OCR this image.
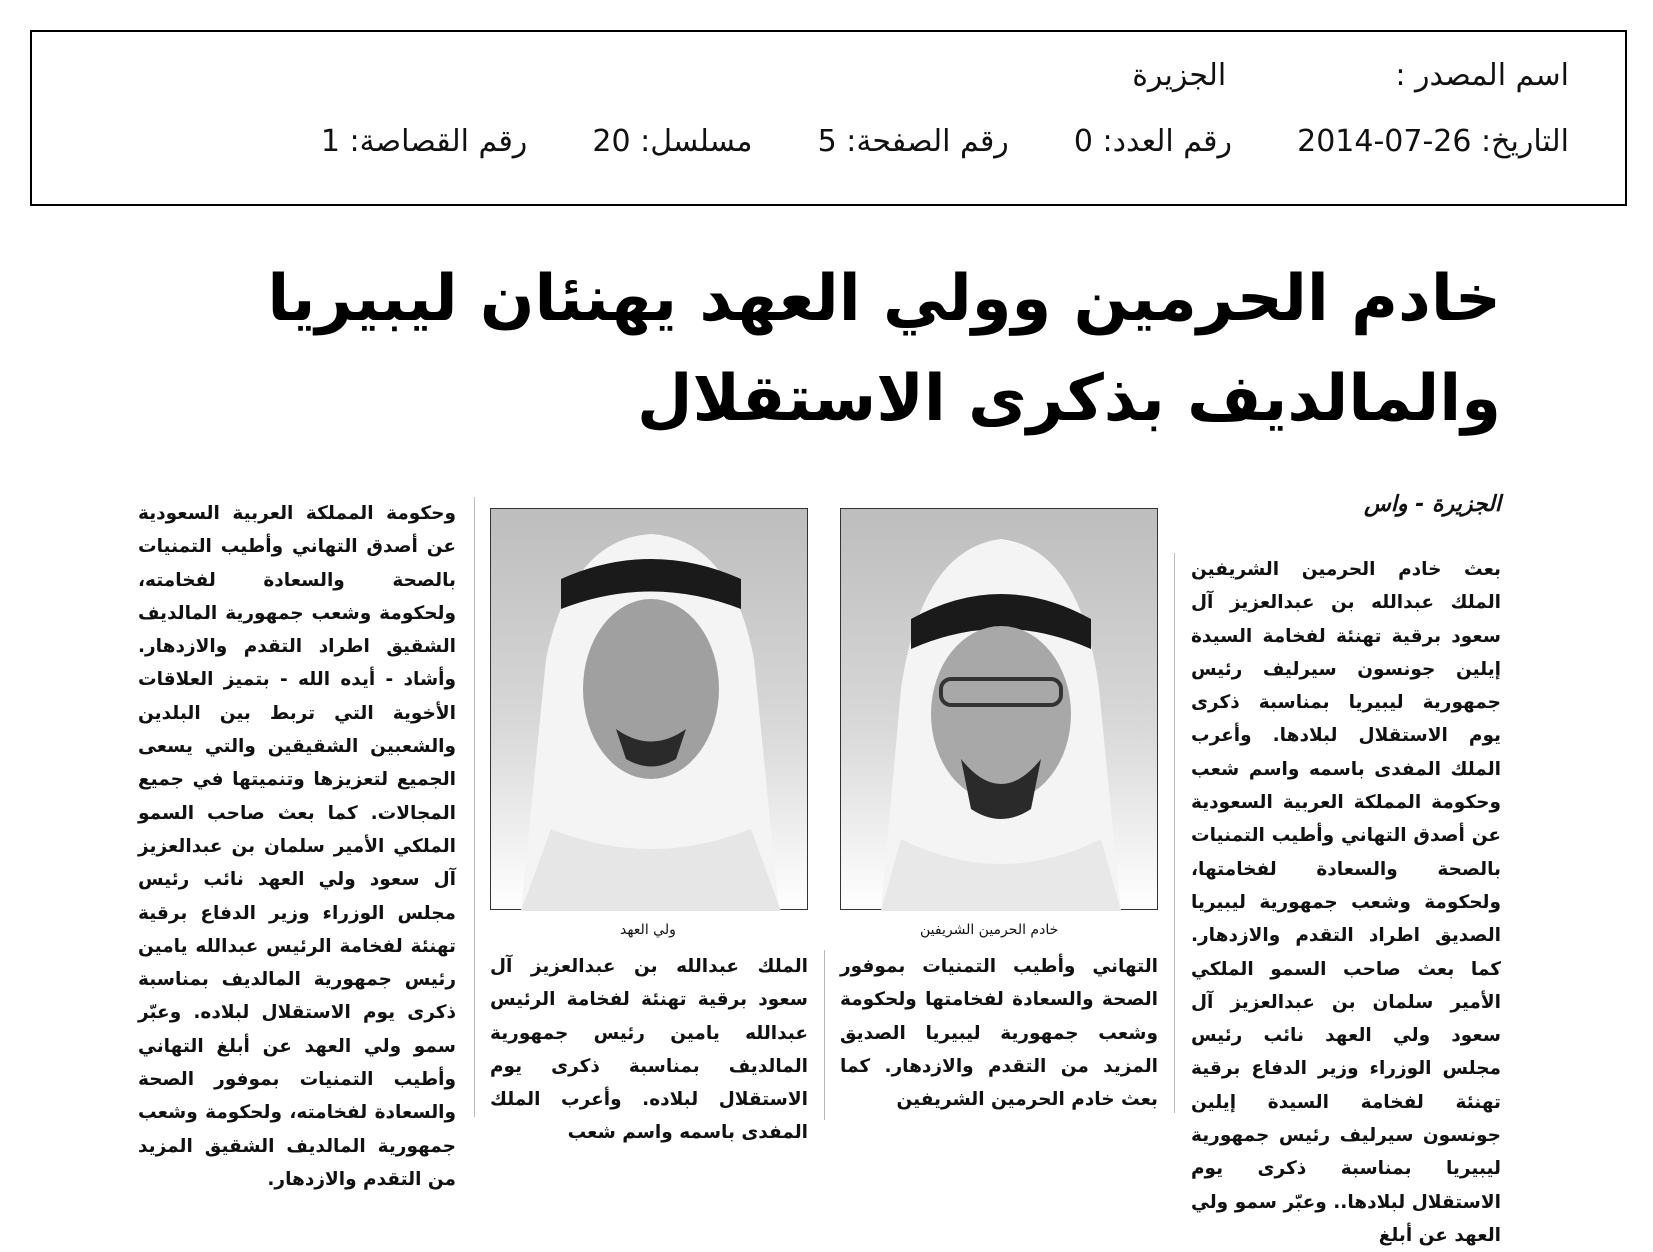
اسم المصدر :  الجزيرة
التاريخ: 2014-07-26  رقم العدد: 0  رقم الصفحة: 5  مسلسل: 20  رقم القصاصة: 1
خادم الحرمين وولي العهد يهنئان ليبيريا
والمالديف بذكرى الاستقلال
الجزيرة - واس
بعث خادم الحرمين الشريفين الملك عبدالله بن عبدالعزيز آل سعود برقية تهنئة لفخامة السيدة إيلين جونسون سيرليف رئيس جمهورية ليبيريا بمناسبة ذكرى يوم الاستقلال لبلادها. وأعرب الملك المفدى باسمه واسم شعب وحكومة المملكة العربية السعودية عن أصدق التهاني وأطيب التمنيات بالصحة والسعادة لفخامتها، ولحكومة وشعب جمهورية ليبيريا الصديق اطراد التقدم والازدهار. كما بعث صاحب السمو الملكي الأمير سلمان بن عبدالعزيز آل سعود ولي العهد نائب رئيس مجلس الوزراء وزير الدفاع برقية تهنئة لفخامة السيدة إيلين جونسون سيرليف رئيس جمهورية ليبيريا بمناسبة ذكرى يوم الاستقلال لبلادها.. وعبّر سمو ولي العهد عن أبلغ
خادم الحرمين الشريفين
ولي العهد
التهاني وأطيب التمنيات بموفور الصحة والسعادة لفخامتها ولحكومة وشعب جمهورية ليبيريا الصديق المزيد من التقدم والازدهار. كما بعث خادم الحرمين الشريفين
الملك عبدالله بن عبدالعزيز آل سعود برقية تهنئة لفخامة الرئيس عبدالله يامين رئيس جمهورية المالديف بمناسبة ذكرى يوم الاستقلال لبلاده. وأعرب الملك المفدى باسمه واسم شعب
وحكومة المملكة العربية السعودية عن أصدق التهاني وأطيب التمنيات بالصحة والسعادة لفخامته، ولحكومة وشعب جمهورية المالديف الشقيق اطراد التقدم والازدهار. وأشاد - أيده الله - بتميز العلاقات الأخوية التي تربط بين البلدين والشعبين الشقيقين والتي يسعى الجميع لتعزيزها وتنميتها في جميع المجالات. كما بعث صاحب السمو الملكي الأمير سلمان بن عبدالعزيز آل سعود ولي العهد نائب رئيس مجلس الوزراء وزير الدفاع برقية تهنئة لفخامة الرئيس عبدالله يامين رئيس جمهورية المالديف بمناسبة ذكرى يوم الاستقلال لبلاده. وعبّر سمو ولي العهد عن أبلغ التهاني وأطيب التمنيات بموفور الصحة والسعادة لفخامته، ولحكومة وشعب جمهورية المالديف الشقيق المزيد من التقدم والازدهار.
